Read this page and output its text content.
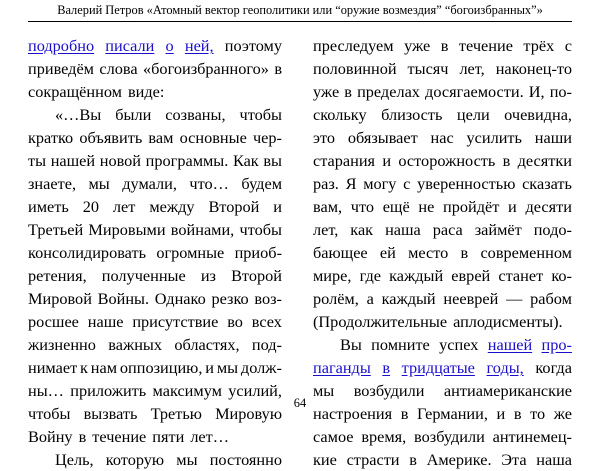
Валерий Петров «Атомный вектор геополитики или “оружие возмездия” “богоизбранных”»
подробно писали о ней, поэтому
приведём слова «богоизбранного» в
сокращённом виде:
«…Вы были созваны, чтобы
кратко объявить вам основные чер-
ты нашей новой программы. Как вы
знаете, мы думали, что… будем
иметь 20 лет между Второй и
Третьей Мировыми войнами, чтобы
консолидировать огромные приоб-
ретения, полученные из Второй
Мировой Войны. Однако резко воз-
росшее наше присутствие во всех
жизненно важных областях, под-
нимает к нам оппозицию, и мы долж-
ны… приложить максимум усилий,
чтобы вызвать Третью Мировую
Войну в течение пяти лет…
Цель, которую мы постоянно
преследуем уже в течение трёх с
половинной тысяч лет, наконец-то
уже в пределах досягаемости. И, по-
скольку близость цели очевидна,
это обязывает нас усилить наши
старания и осторожность в десятки
раз. Я могу с уверенностью сказать
вам, что ещё не пройдёт и десяти
лет, как наша раса займёт подо-
бающее ей место в современном
мире, где каждый еврей станет ко-
ролём, а каждый нееврей — рабом
(Продолжительные аплодисменты).
Вы помните успех нашей про-
паганды в тридцатые годы, когда
мы возбудили антиамериканские
настроения в Германии, и в то же
самое время, возбудили антинемец-
кие страсти в Америке. Эта наша
64
